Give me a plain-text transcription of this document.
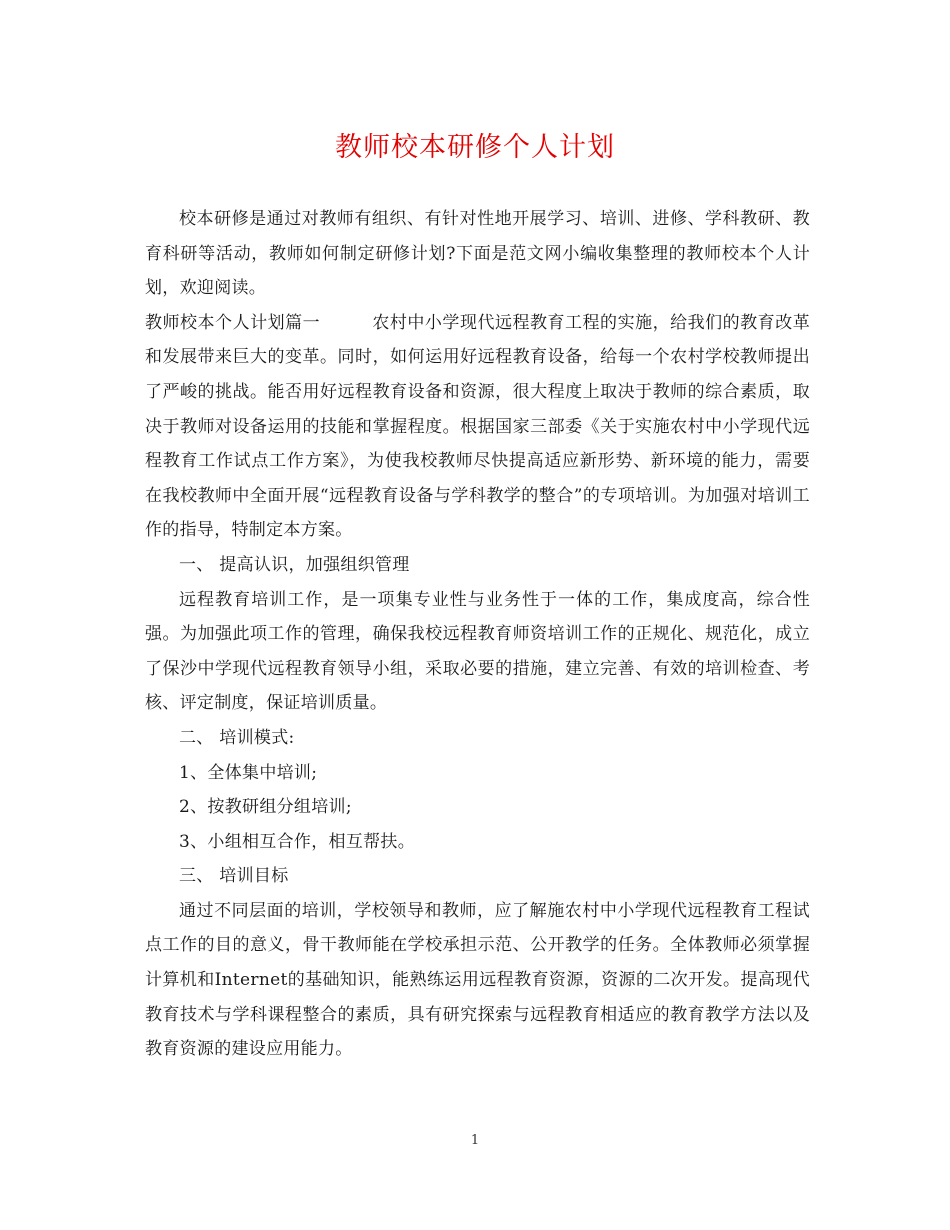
教师校本研修个人计划

校本研修是通过对教师有组织、有针对性地开展学习、培训、进修、学科教研、教育科研等活动，教师如何制定研修计划?下面是范文网小编收集整理的教师校本个人计划，欢迎阅读。

教师校本个人计划篇一	农村中小学现代远程教育工程的实施，给我们的教育改革和发展带来巨大的变革。同时，如何运用好远程教育设备，给每一个农村学校教师提出了严峻的挑战。能否用好远程教育设备和资源，很大程度上取决于教师的综合素质，取决于教师对设备运用的技能和掌握程度。根据国家三部委《关于实施农村中小学现代远程教育工作试点工作方案》，为使我校教师尽快提高适应新形势、新环境的能力，需要在我校教师中全面开展“远程教育设备与学科教学的整合”的专项培训。为加强对培训工作的指导，特制定本方案。

一、 提高认识，加强组织管理

远程教育培训工作，是一项集专业性与业务性于一体的工作，集成度高，综合性强。为加强此项工作的管理，确保我校远程教育师资培训工作的正规化、规范化，成立了保沙中学现代远程教育领导小组，采取必要的措施，建立完善、有效的培训检查、考核、评定制度，保证培训质量。

二、 培训模式:

1、全体集中培训;

2、按教研组分组培训;

3、小组相互合作，相互帮扶。

三、 培训目标

通过不同层面的培训，学校领导和教师，应了解施农村中小学现代远程教育工程试点工作的目的意义，骨干教师能在学校承担示范、公开教学的任务。全体教师必须掌握计算机和Internet的基础知识，能熟练运用远程教育资源，资源的二次开发。提高现代教育技术与学科课程整合的素质，具有研究探索与远程教育相适应的教育教学方法以及教育资源的建设应用能力。

1
